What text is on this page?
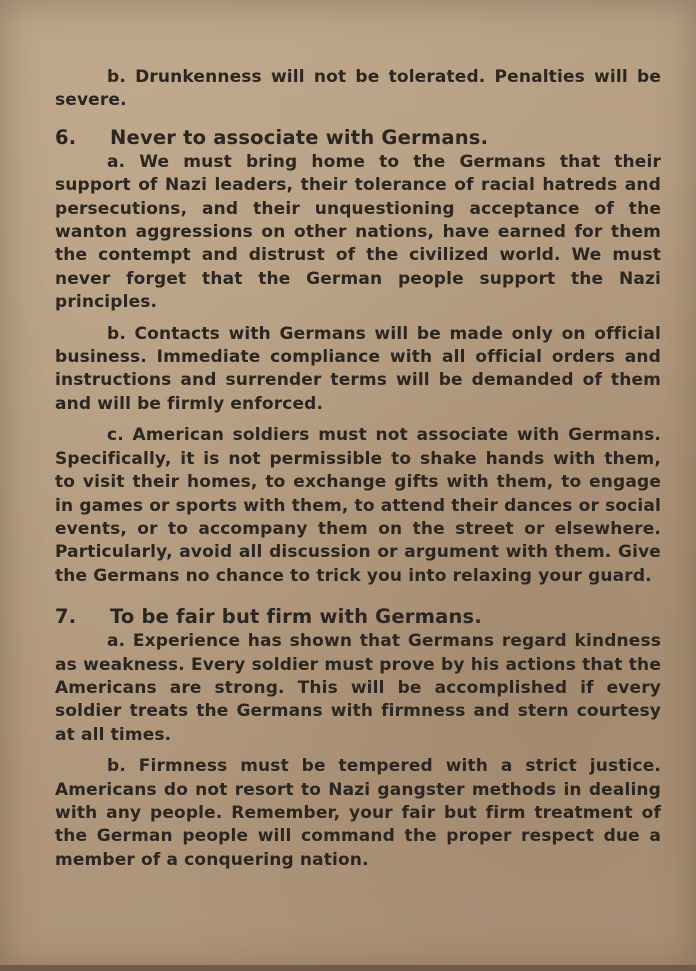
b. Drunkenness will not be tolerated. Penalties will be severe.

6.	Never to associate with Germans.

a. We must bring home to the Germans that their support of Nazi leaders, their tolerance of racial hatreds and persecutions, and their unquestioning acceptance of the wanton aggressions on other nations, have earned for them the contempt and distrust of the civilized world. We must never forget that the German people support the Nazi principles.

b. Contacts with Germans will be made only on official business. Immediate compliance with all official orders and instructions and surrender terms will be demanded of them and will be firmly enforced.

c. American soldiers must not associate with Germans. Specifically, it is not permissible to shake hands with them, to visit their homes, to exchange gifts with them, to engage in games or sports with them, to attend their dances or social events, or to accompany them on the street or elsewhere. Particularly, avoid all discussion or argument with them. Give the Germans no chance to trick you into relaxing your guard.

7.	To be fair but firm with Germans.

a. Experience has shown that Germans regard kindness as weakness. Every soldier must prove by his actions that the Americans are strong. This will be accomplished if every soldier treats the Germans with firmness and stern courtesy at all times.

b. Firmness must be tempered with a strict justice. Americans do not resort to Nazi gangster methods in dealing with any people. Remember, your fair but firm treatment of the German people will command the proper respect due a member of a conquering nation.
